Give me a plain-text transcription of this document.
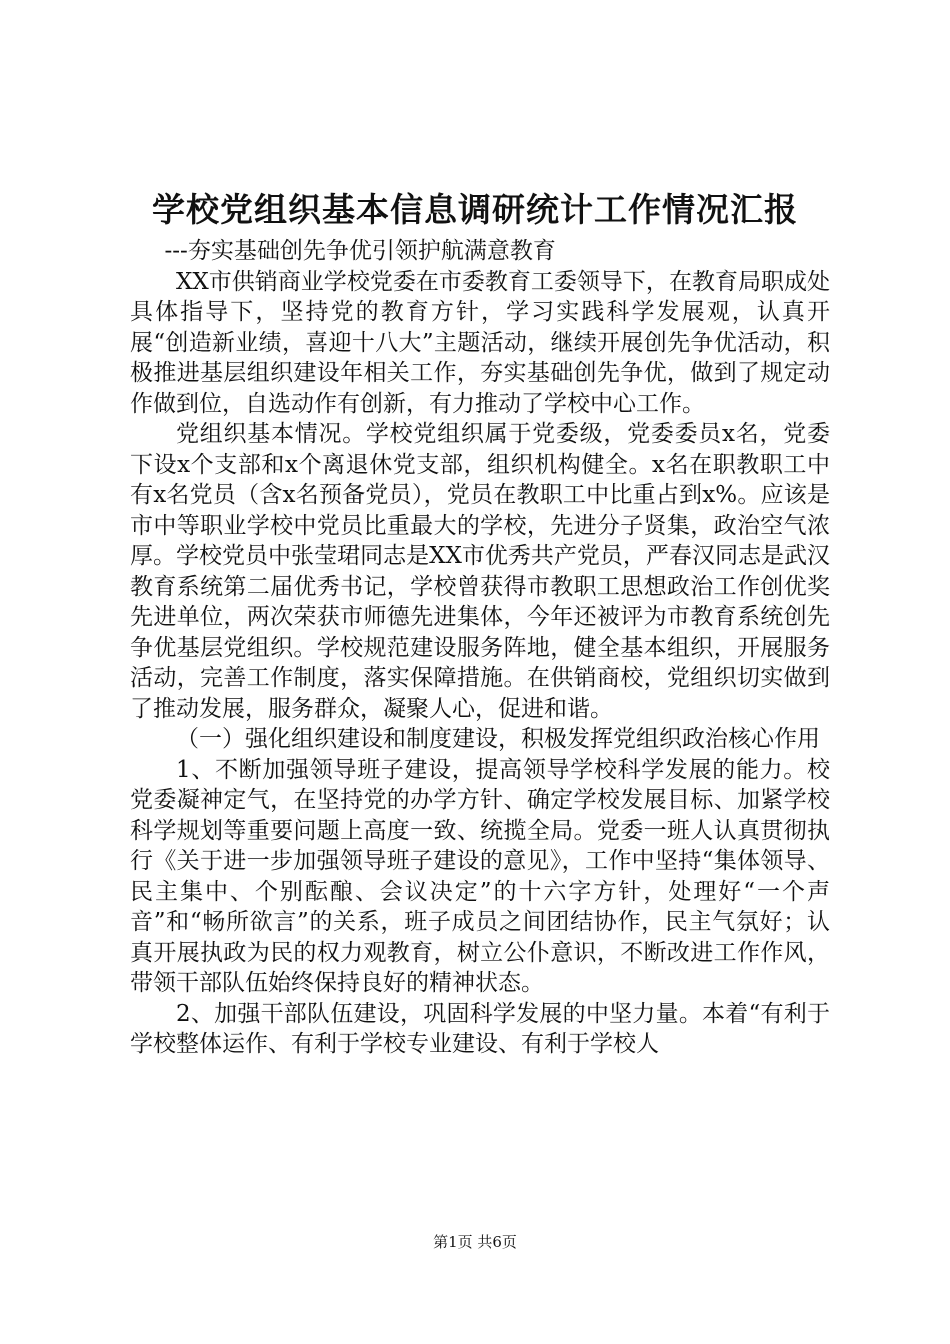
学校党组织基本信息调研统计工作情况汇报

---夯实基础创先争优引领护航满意教育

XX市供销商业学校党委在市委教育工委领导下，在教育局职成处具体指导下，坚持党的教育方针，学习实践科学发展观，认真开展“创造新业绩，喜迎十八大”主题活动，继续开展创先争优活动，积极推进基层组织建设年相关工作，夯实基础创先争优，做到了规定动作做到位，自选动作有创新，有力推动了学校中心工作。

党组织基本情况。学校党组织属于党委级，党委委员x名，党委下设x个支部和x个离退休党支部，组织机构健全。x名在职教职工中有x名党员（含x名预备党员），党员在教职工中比重占到x%。应该是市中等职业学校中党员比重最大的学校，先进分子贤集，政治空气浓厚。学校党员中张莹珺同志是XX市优秀共产党员，严春汉同志是武汉教育系统第二届优秀书记，学校曾获得市教职工思想政治工作创优奖先进单位，两次荣获市师德先进集体，今年还被评为市教育系统创先争优基层党组织。学校规范建设服务阵地，健全基本组织，开展服务活动，完善工作制度，落实保障措施。在供销商校，党组织切实做到了推动发展，服务群众，凝聚人心，促进和谐。

（一）强化组织建设和制度建设，积极发挥党组织政治核心作用

1、不断加强领导班子建设，提高领导学校科学发展的能力。校党委凝神定气，在坚持党的办学方针、确定学校发展目标、加紧学校科学规划等重要问题上高度一致、统揽全局。党委一班人认真贯彻执行《关于进一步加强领导班子建设的意见》，工作中坚持“集体领导、民主集中、个别酝酿、会议决定”的十六字方针，处理好“一个声音”和“畅所欲言”的关系，班子成员之间团结协作，民主气氛好；认真开展执政为民的权力观教育，树立公仆意识，不断改进工作作风，带领干部队伍始终保持良好的精神状态。

2、加强干部队伍建设，巩固科学发展的中坚力量。本着“有利于学校整体运作、有利于学校专业建设、有利于学校人

第1页 共6页
